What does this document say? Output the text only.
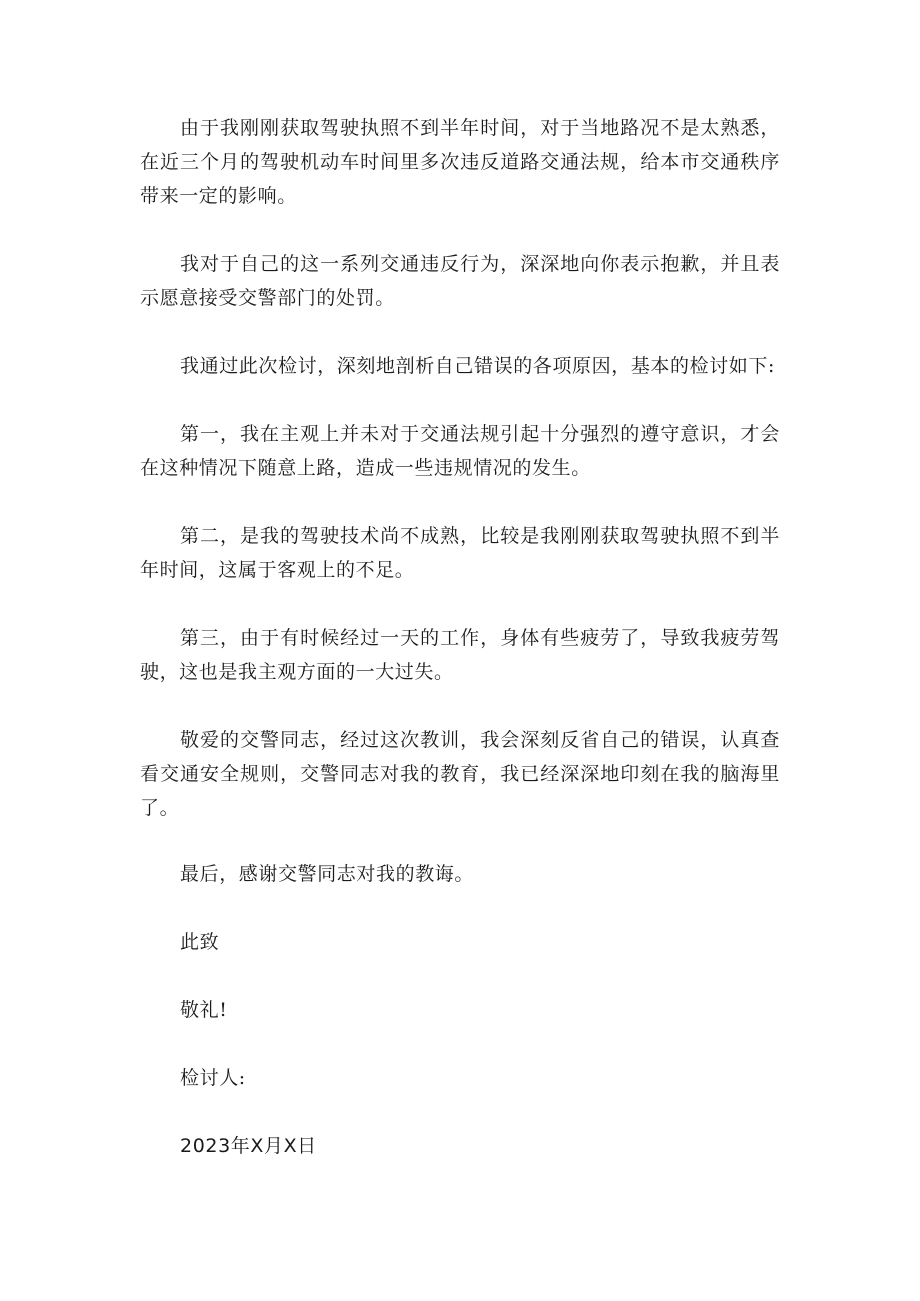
由于我刚刚获取驾驶执照不到半年时间，对于当地路况不是太熟悉，在近三个月的驾驶机动车时间里多次违反道路交通法规，给本市交通秩序带来一定的影响。

我对于自己的这一系列交通违反行为，深深地向你表示抱歉，并且表示愿意接受交警部门的处罚。

我通过此次检讨，深刻地剖析自己错误的各项原因，基本的检讨如下:

第一，我在主观上并未对于交通法规引起十分强烈的遵守意识，才会在这种情况下随意上路，造成一些违规情况的发生。

第二，是我的驾驶技术尚不成熟，比较是我刚刚获取驾驶执照不到半年时间，这属于客观上的不足。

第三，由于有时候经过一天的工作，身体有些疲劳了，导致我疲劳驾驶，这也是我主观方面的一大过失。

敬爱的交警同志，经过这次教训，我会深刻反省自己的错误，认真查看交通安全规则，交警同志对我的教育，我已经深深地印刻在我的脑海里了。

最后，感谢交警同志对我的教诲。

此致

敬礼!

检讨人:

2023年X月X日
